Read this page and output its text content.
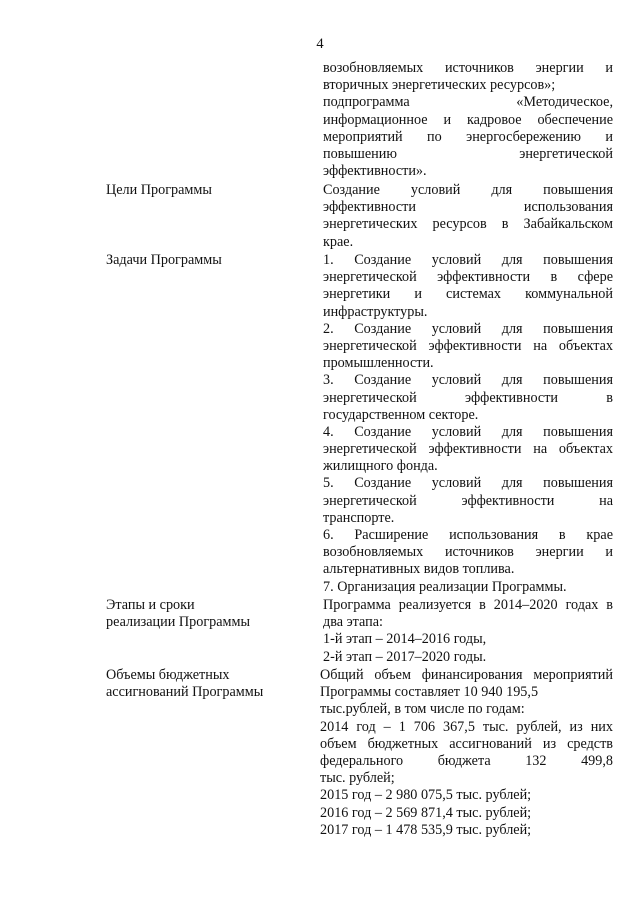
4
возобновляемых источников энергии и
вторичных энергетических ресурсов»;
подпрограмма «Методическое,
информационное и кадровое обеспечение
мероприятий по энергосбережению и
повышению энергетической
эффективности».
Цели Программы	Создание условий для повышения
эффективности использования
энергетических ресурсов в Забайкальском
крае.
Задачи Программы	1. Создание условий для повышения
энергетической эффективности в сфере
энергетики и системах коммунальной
инфраструктуры.
2. Создание условий для повышения
энергетической эффективности на объектах
промышленности.
3. Создание условий для повышения
энергетической эффективности в
государственном секторе.
4. Создание условий для повышения
энергетической эффективности на объектах
жилищного фонда.
5. Создание условий для повышения
энергетической эффективности на
транспорте.
6. Расширение использования в крае
возобновляемых источников энергии и
альтернативных видов топлива.
7. Организация реализации Программы.
Этапы и сроки
реализации Программы
Программа реализуется в 2014–2020 годах в
два этапа:
1-й этап – 2014–2016 годы,
2-й этап – 2017–2020 годы.
Объемы бюджетных
ассигнований Программы
Общий объем финансирования мероприятий
Программы составляет 10 940 195,5
тыс.рублей, в том числе по годам:
2014 год – 1 706 367,5 тыс. рублей, из них
объем бюджетных ассигнований из средств
федерального бюджета 132 499,8
тыс. рублей;
2015 год – 2 980 075,5 тыс. рублей;
2016 год – 2 569 871,4 тыс. рублей;
2017 год – 1 478 535,9 тыс. рублей;
